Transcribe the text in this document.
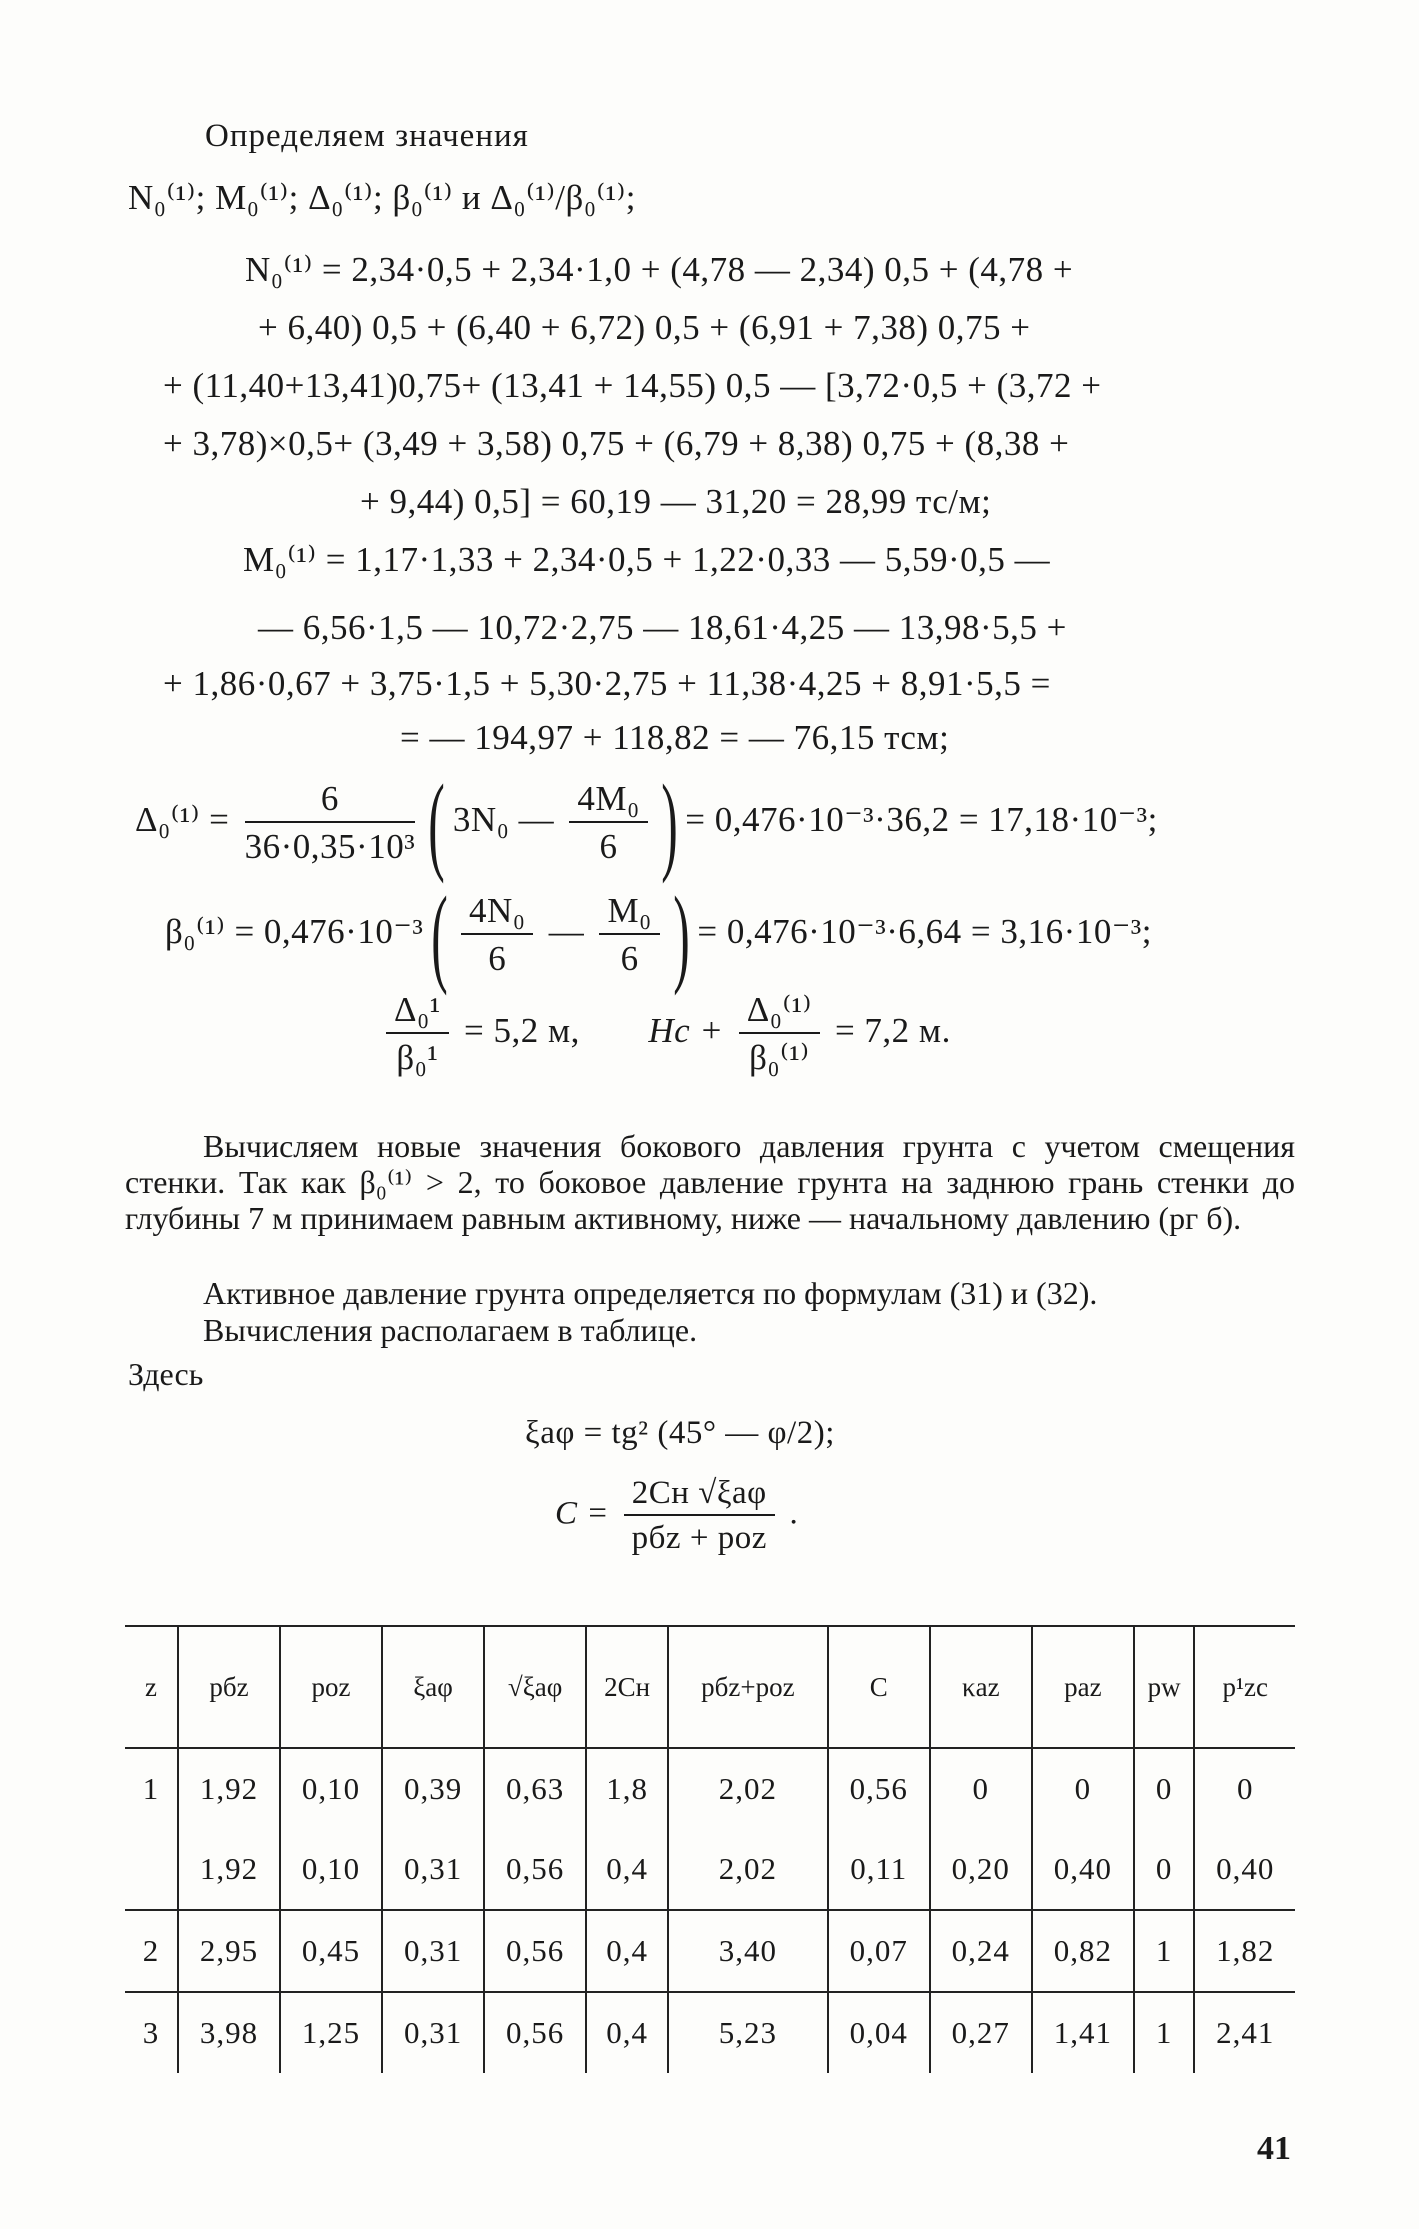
Определяем значения
N₀⁽¹⁾; M₀⁽¹⁾; Δ₀⁽¹⁾; β₀⁽¹⁾ и Δ₀⁽¹⁾/β₀⁽¹⁾;
N₀⁽¹⁾ = 2,34·0,5 + 2,34·1,0 + (4,78 — 2,34) 0,5 + (4,78 +
+ 6,40) 0,5 + (6,40 + 6,72) 0,5 + (6,91 + 7,38) 0,75 +
+ (11,40+13,41)0,75+ (13,41 + 14,55) 0,5 — [3,72·0,5 + (3,72 +
+ 3,78)×0,5+ (3,49 + 3,58) 0,75 + (6,79 + 8,38) 0,75 + (8,38 +
+ 9,44) 0,5] = 60,19 — 31,20 = 28,99 тс/м;
M₀⁽¹⁾ = 1,17·1,33 + 2,34·0,5 + 1,22·0,33 — 5,59·0,5 —
— 6,56·1,5 — 10,72·2,75 — 18,61·4,25 — 13,98·5,5 +
+ 1,86·0,67 + 3,75·1,5 + 5,30·2,75 + 11,38·4,25 + 8,91·5,5 =
= — 194,97 + 118,82 = — 76,15 тсм;
$\Delta_0^{(1)} = \frac{6}{\text{36·0,35·10³}}$ ( 3N₀ — $\frac{\text{4M₀}}{6}$ ) = 0,476·10⁻³·36,2 = 17,18·10⁻³;
β₀⁽¹⁾ = 0,476·10⁻³ ( $\frac{\text{4N₀}}{6}$ — $\frac{\text{M₀}}{6}$ ) = 0,476·10⁻³·6,64 = 3,16·10⁻³;
$\frac{\text{Δ₀¹}}{\text{β₀¹}} = 5,2$ м, Hс + $\frac{\text{Δ₀⁽¹⁾}}{\text{β₀⁽¹⁾}} = 7,2$ м.
Вычисляем новые значения бокового давления грунта с учетом смещения стенки. Так как β₀⁽¹⁾ > 2, то боковое давление грунта на заднюю грань стенки до глубины 7 м принимаем равным активному, ниже — начальному давлению (pг б).
Активное давление грунта определяется по формулам (31) и (32).
Вычисления располагаем в таблице.
Здесь
ξaφ = tg² (45° — φ/2);
$C = \frac{\text{2Cн √ξaφ}}{\text{pбz + poz}}$ .
z	pбz	poz	ξaφ	√ξaφ	2Cн	pбz+poz	C	κaz	paz	pw	p¹zc
1	1,92	0,10	0,39	0,63	1,8	2,02	0,56	0	0	0	0
	1,92	0,10	0,31	0,56	0,4	2,02	0,11	0,20	0,40	0	0,40
2	2,95	0,45	0,31	0,56	0,4	3,40	0,07	0,24	0,82	1	1,82
3	3,98	1,25	0,31	0,56	0,4	5,23	0,04	0,27	1,41	1	2,41
41
